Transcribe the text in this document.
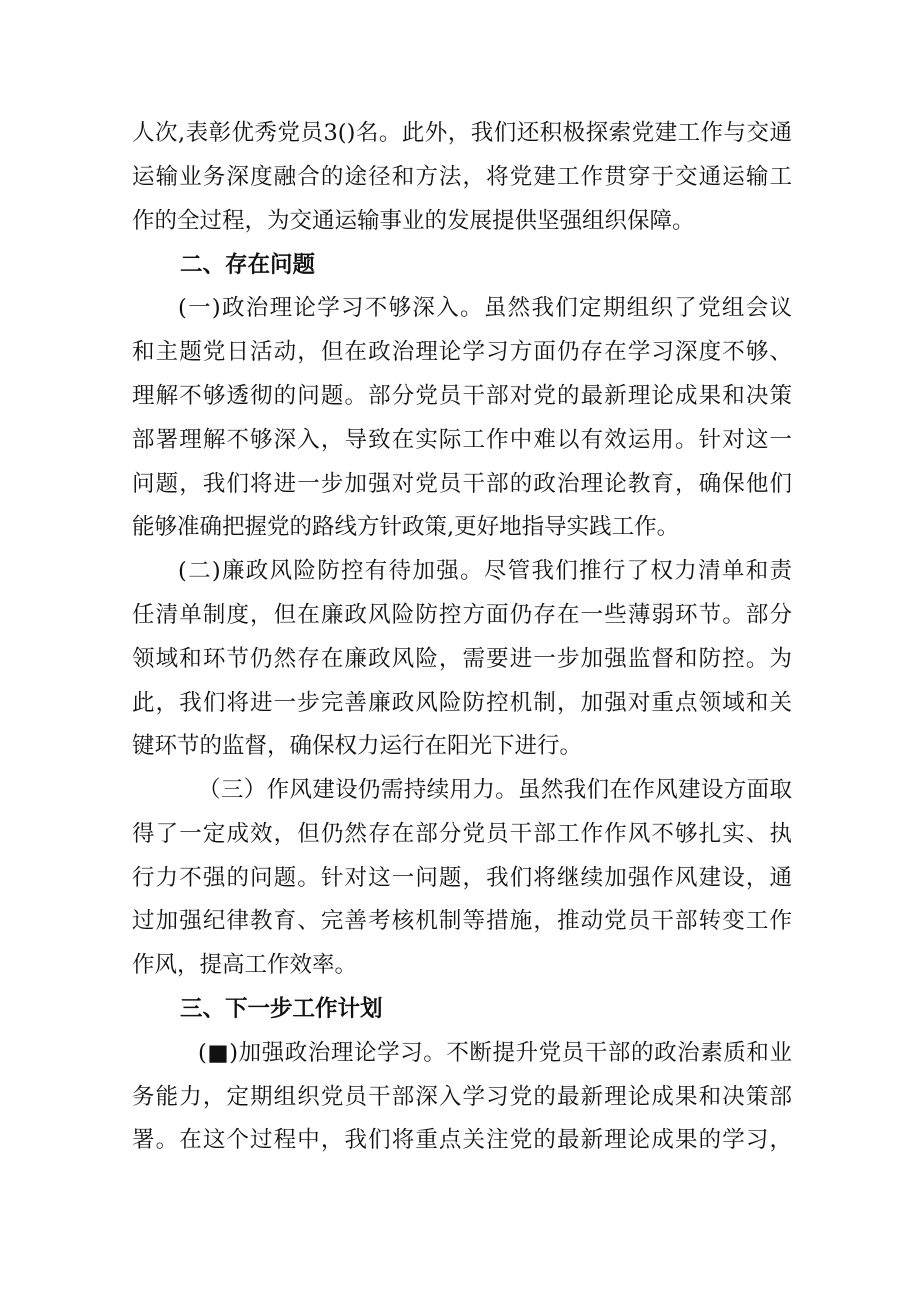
人次,表彰优秀党员3()名。此外，我们还积极探索党建工作与交通
运输业务深度融合的途径和方法，将党建工作贯穿于交通运输工
作的全过程，为交通运输事业的发展提供坚强组织保障。
二、存在问题
(一)政治理论学习不够深入。虽然我们定期组织了党组会议
和主题党日活动，但在政治理论学习方面仍存在学习深度不够、
理解不够透彻的问题。部分党员干部对党的最新理论成果和决策
部署理解不够深入，导致在实际工作中难以有效运用。针对这一
问题，我们将进一步加强对党员干部的政治理论教育，确保他们
能够准确把握党的路线方针政策,更好地指导实践工作。
(二)廉政风险防控有待加强。尽管我们推行了权力清单和责
任清单制度，但在廉政风险防控方面仍存在一些薄弱环节。部分
领域和环节仍然存在廉政风险，需要进一步加强监督和防控。为
此，我们将进一步完善廉政风险防控机制，加强对重点领域和关
键环节的监督，确保权力运行在阳光下进行。
（三）作风建设仍需持续用力。虽然我们在作风建设方面取
得了一定成效，但仍然存在部分党员干部工作作风不够扎实、执
行力不强的问题。针对这一问题，我们将继续加强作风建设，通
过加强纪律教育、完善考核机制等措施，推动党员干部转变工作
作风，提高工作效率。
三、下一步工作计划
(■)加强政治理论学习。不断提升党员干部的政治素质和业
务能力，定期组织党员干部深入学习党的最新理论成果和决策部
署。在这个过程中，我们将重点关注党的最新理论成果的学习，
